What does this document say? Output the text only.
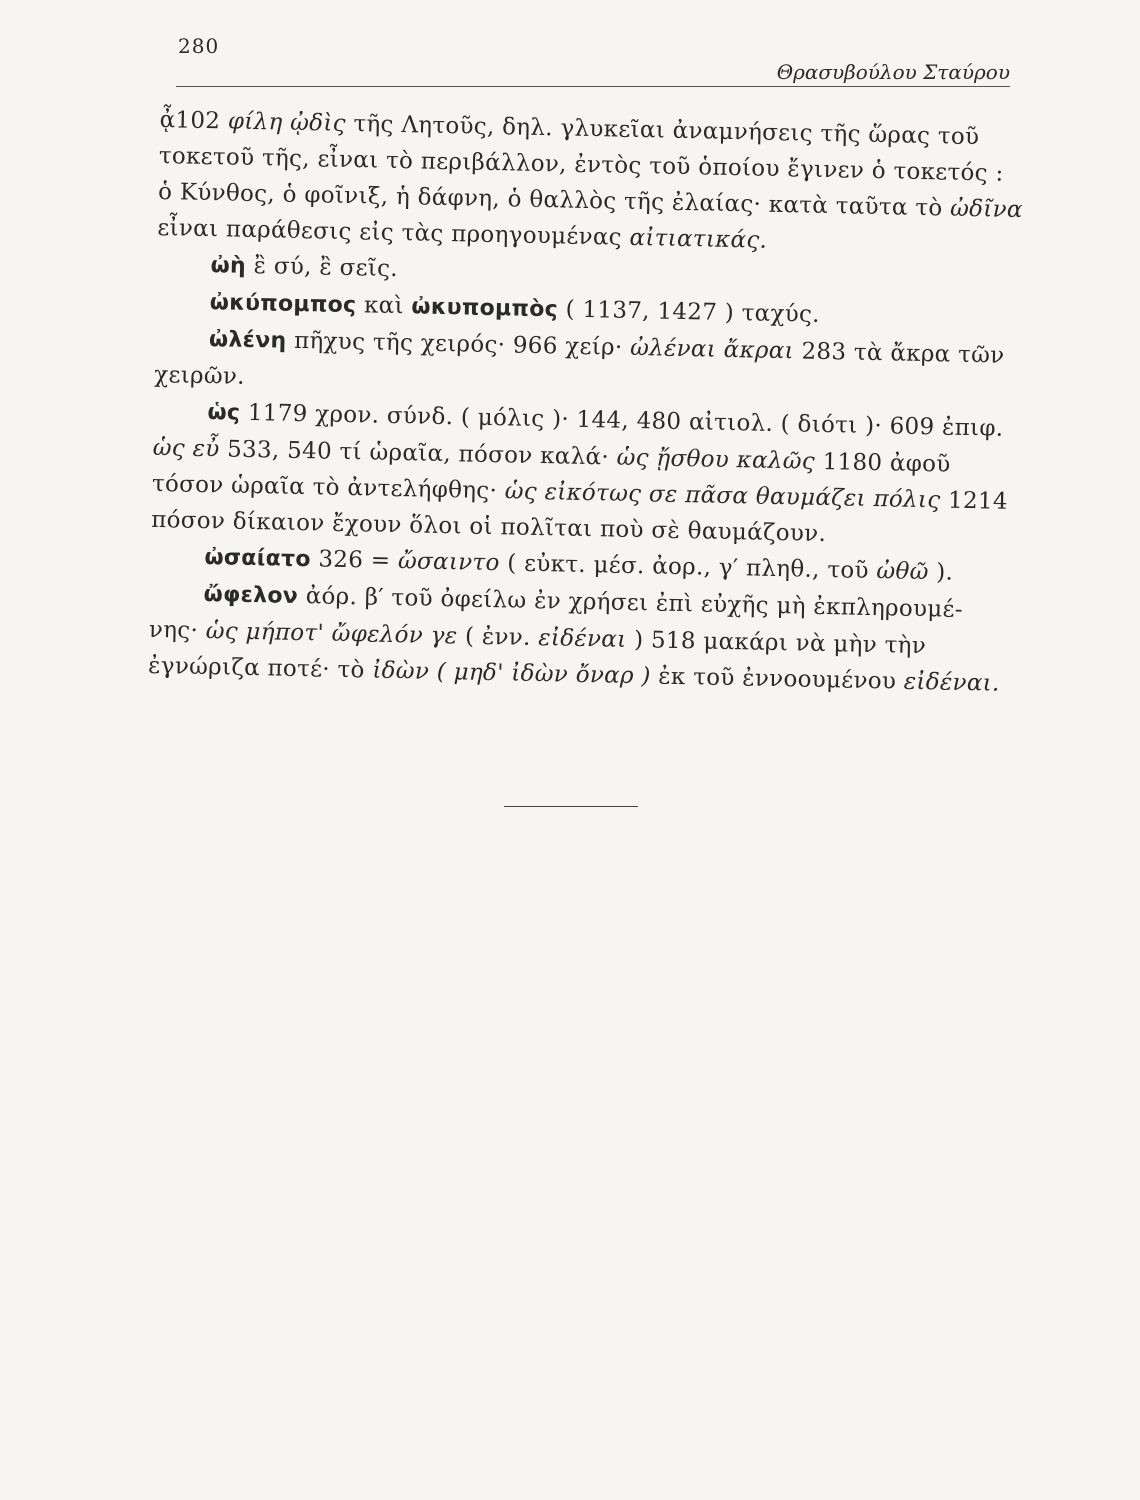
280
Θρασυβούλου Σταύρου
ᾆ102 φίλη ᾠδὶς τῆς Λητοῦς, δηλ. γλυκεῖαι ἀναμνήσεις τῆς ὥρας τοῦ
τοκετοῦ τῆς, εἶναι τὸ περιβάλλον, ἐντὸς τοῦ ὁποίου ἔγινεν ὁ τοκετός :
ὁ Κύνθος, ὁ φοῖνιξ, ἡ δάφνη, ὁ θαλλὸς τῆς ἐλαίας· κατὰ ταῦτα τὸ ὠδῖνα
εἶναι παράθεσις εἰς τὰς προηγουμένας αἰτιατικάς.
ὠὴ ἒ σύ, ἒ σεῖς.
ὠκύπομπος καὶ ὠκυπομπὸς ( 1137, 1427 ) ταχύς.
ὠλένη πῆχυς τῆς χειρός· 966 χείρ· ὠλέναι ἄκραι 283 τὰ ἄκρα τῶν
χειρῶν.
ὡς 1179 χρον. σύνδ. ( μόλις )· 144, 480 αἰτιολ. ( διότι )· 609 ἐπιφ.
ὡς εὖ 533, 540 τί ὡραῖα, πόσον καλά· ὡς ᾔσθου καλῶς 1180 ἀφοῦ
τόσον ὡραῖα τὸ ἀντελήφθης· ὡς εἰκότως σε πᾶσα θαυμάζει πόλις 1214
πόσον δίκαιον ἔχουν ὅλοι οἱ πολῖται ποὺ σὲ θαυμάζουν.
ὠσαίατο 326 = ὤσαιντο ( εὐκτ. μέσ. ἀορ., γ′ πληθ., τοῦ ὠθῶ ).
ὤφελον ἀόρ. β′ τοῦ ὀφείλω ἐν χρήσει ἐπὶ εὐχῆς μὴ ἐκπληρουμέ-
νης· ὡς μήποτ' ὤφελόν γε ( ἐνν. εἰδέναι ) 518 μακάρι νὰ μὴν τὴν
ἐγνώριζα ποτέ· τὸ ἰδὼν ( μηδ' ἰδὼν ὄναρ ) ἐκ τοῦ ἐννοουμένου εἰδέναι.
